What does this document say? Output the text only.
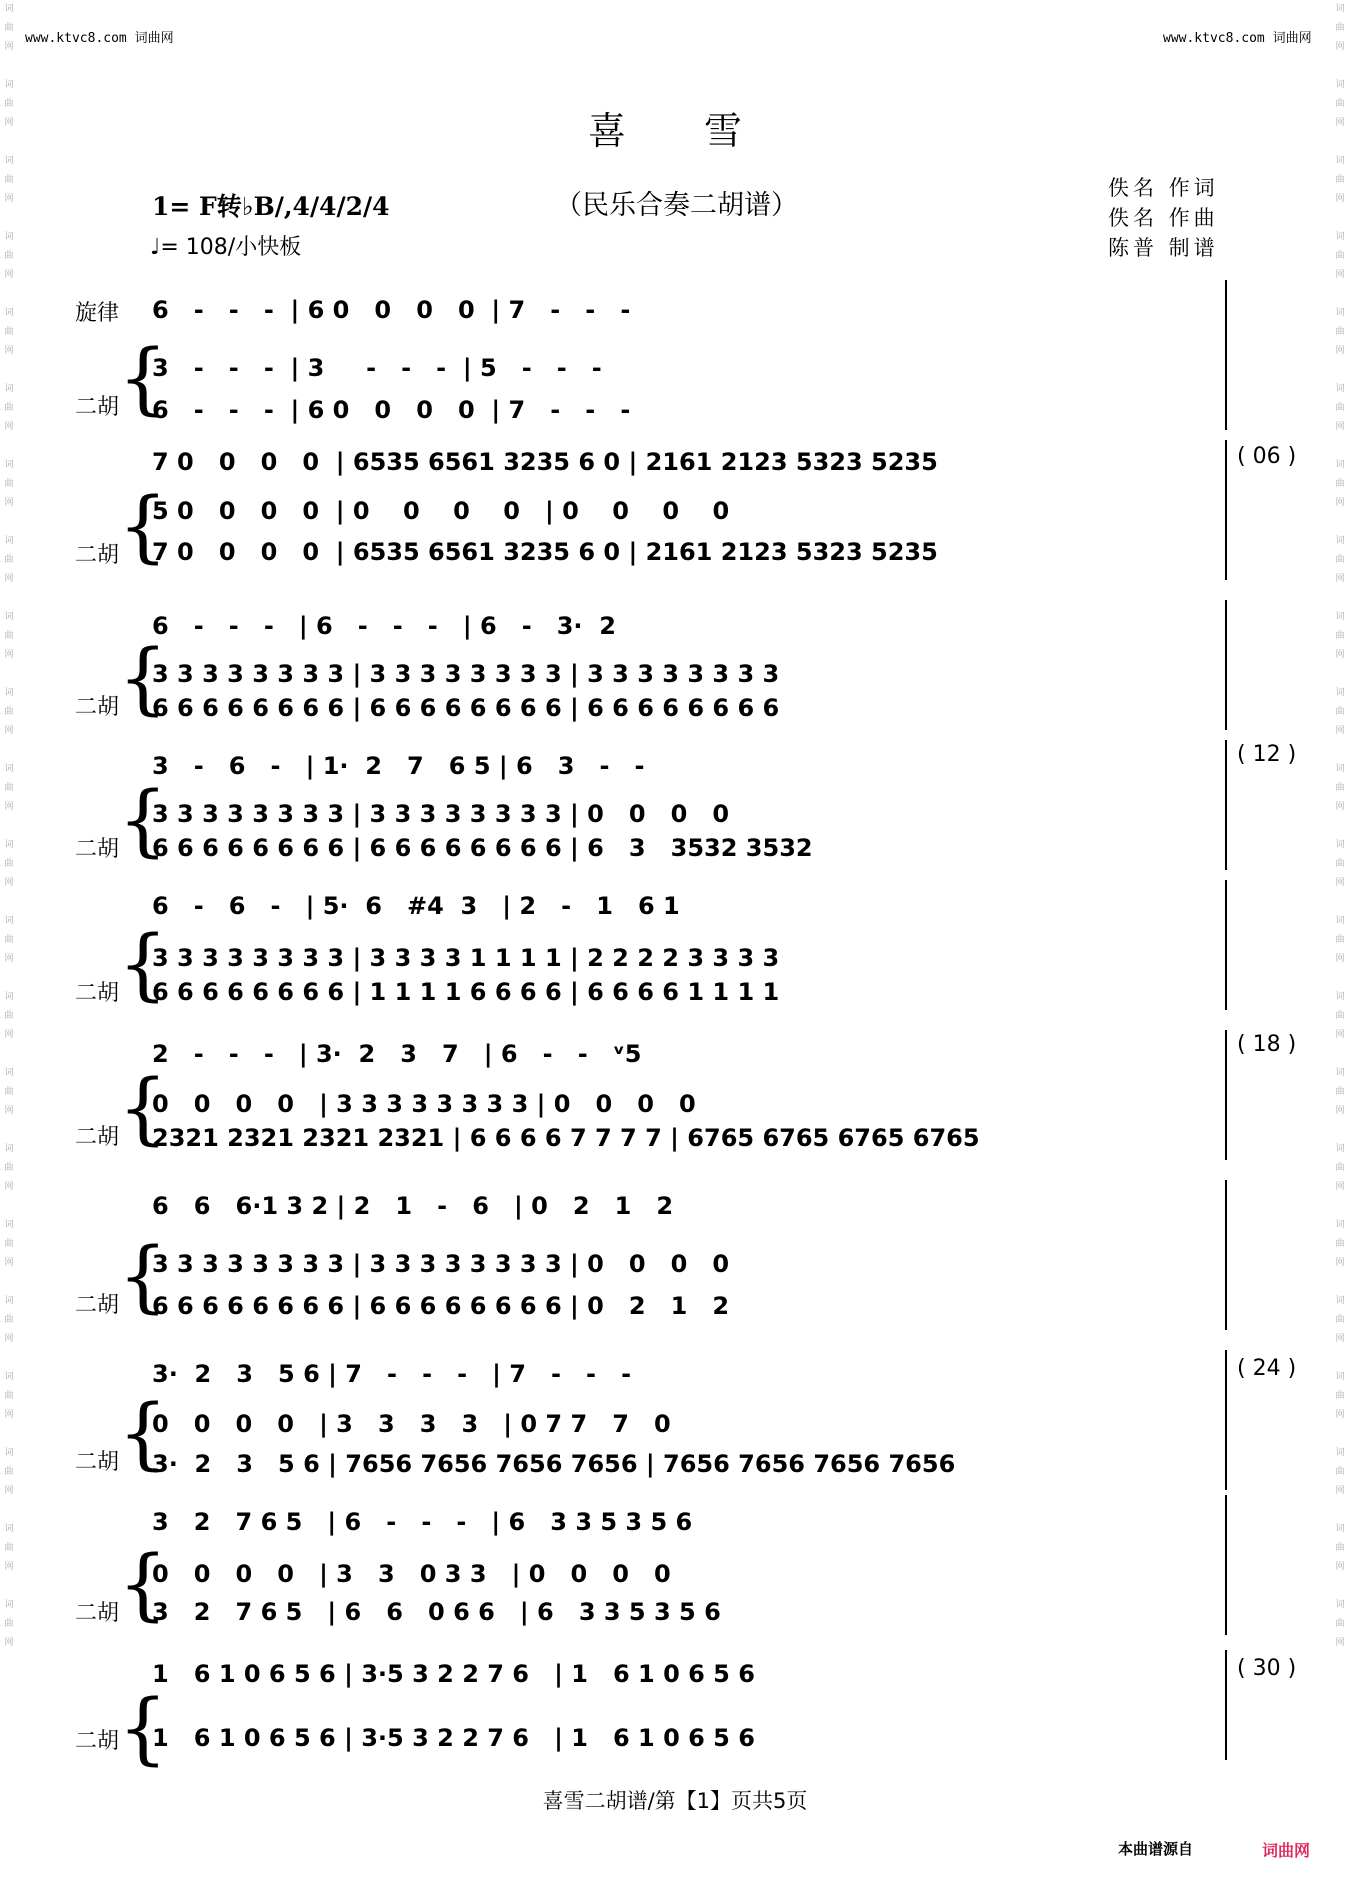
www.ktvc8.com 词曲网	www.ktvc8.com 词曲网
词
曲
网

词
曲
网

词
曲
网

词
曲
网

词
曲
网

词
曲
网

词
曲
网

词
曲
网

词
曲
网

词
曲
网

词
曲
网

词
曲
网

词
曲
网

词
曲
网

词
曲
网

词
曲
网

词
曲
网

词
曲
网

词
曲
网

词
曲
网

词
曲
网

词
曲
网
词
曲
网

词
曲
网

词
曲
网

词
曲
网

词
曲
网

词
曲
网

词
曲
网

词
曲
网

词
曲
网

词
曲
网

词
曲
网

词
曲
网

词
曲
网

词
曲
网

词
曲
网

词
曲
网

词
曲
网

词
曲
网

词
曲
网

词
曲
网

词
曲
网

词
曲
网
喜　雪
（民乐合奏二胡谱）
1= F转♭B/,4/4/2/4
♩= 108/小快板
佚名 作词
佚名 作曲
陈普 制谱
旋律
二胡
{
6   -   -   -  | 6 0   0   0   0  | 7   -   -   -
3   -   -   -  | 3     -   -   -  | 5   -   -   -
6   -   -   -  | 6 0   0   0   0  | 7   -   -   -
二胡
{
7 0   0   0   0  | 6535 6561 3235 6 0 | 2161 2123 5323 5235
5 0   0   0   0  | 0    0    0    0   | 0    0    0    0
7 0   0   0   0  | 6535 6561 3235 6 0 | 2161 2123 5323 5235
( 06 )
二胡
{
6   -   -   -   | 6   -   -   -   | 6   -   3·  2
3 3 3 3 3 3 3 3 | 3 3 3 3 3 3 3 3 | 3 3 3 3 3 3 3 3
6 6 6 6 6 6 6 6 | 6 6 6 6 6 6 6 6 | 6 6 6 6 6 6 6 6
二胡
{
3   -   6   -   | 1·  2   7   6 5 | 6   3   -   -
3 3 3 3 3 3 3 3 | 3 3 3 3 3 3 3 3 | 0   0   0   0
6 6 6 6 6 6 6 6 | 6 6 6 6 6 6 6 6 | 6   3   3532 3532
( 12 )
二胡
{
6   -   6   -   | 5·  6   #4  3   | 2   -   1   6 1
3 3 3 3 3 3 3 3 | 3 3 3 3 1 1 1 1 | 2 2 2 2 3 3 3 3
6 6 6 6 6 6 6 6 | 1 1 1 1 6 6 6 6 | 6 6 6 6 1 1 1 1
二胡
{
2   -   -   -   | 3·  2   3   7   | 6   -   -   ᵛ5
0   0   0   0   | 3 3 3 3 3 3 3 3 | 0   0   0   0
2321 2321 2321 2321 | 6 6 6 6 7 7 7 7 | 6765 6765 6765 6765
( 18 )
二胡
{
6   6   6·1 3 2 | 2   1   -   6   | 0   2   1   2
3 3 3 3 3 3 3 3 | 3 3 3 3 3 3 3 3 | 0   0   0   0
6 6 6 6 6 6 6 6 | 6 6 6 6 6 6 6 6 | 0   2   1   2
二胡
{
3·  2   3   5 6 | 7   -   -   -   | 7   -   -   -
0   0   0   0   | 3   3   3   3   | 0 7 7   7   0
3·  2   3   5 6 | 7656 7656 7656 7656 | 7656 7656 7656 7656
( 24 )
二胡
{
3   2   7 6 5   | 6   -   -   -   | 6   3 3 5 3 5 6
0   0   0   0   | 3   3   0 3 3   | 0   0   0   0
3   2   7 6 5   | 6   6   0 6 6   | 6   3 3 5 3 5 6
二胡
{
1   6 1 0 6 5 6 | 3·5 3 2 2 7 6   | 1   6 1 0 6 5 6
1   6 1 0 6 5 6 | 3·5 3 2 2 7 6   | 1   6 1 0 6 5 6
( 30 )
喜雪二胡谱/第【1】页共5页
本曲谱源自	词曲网
